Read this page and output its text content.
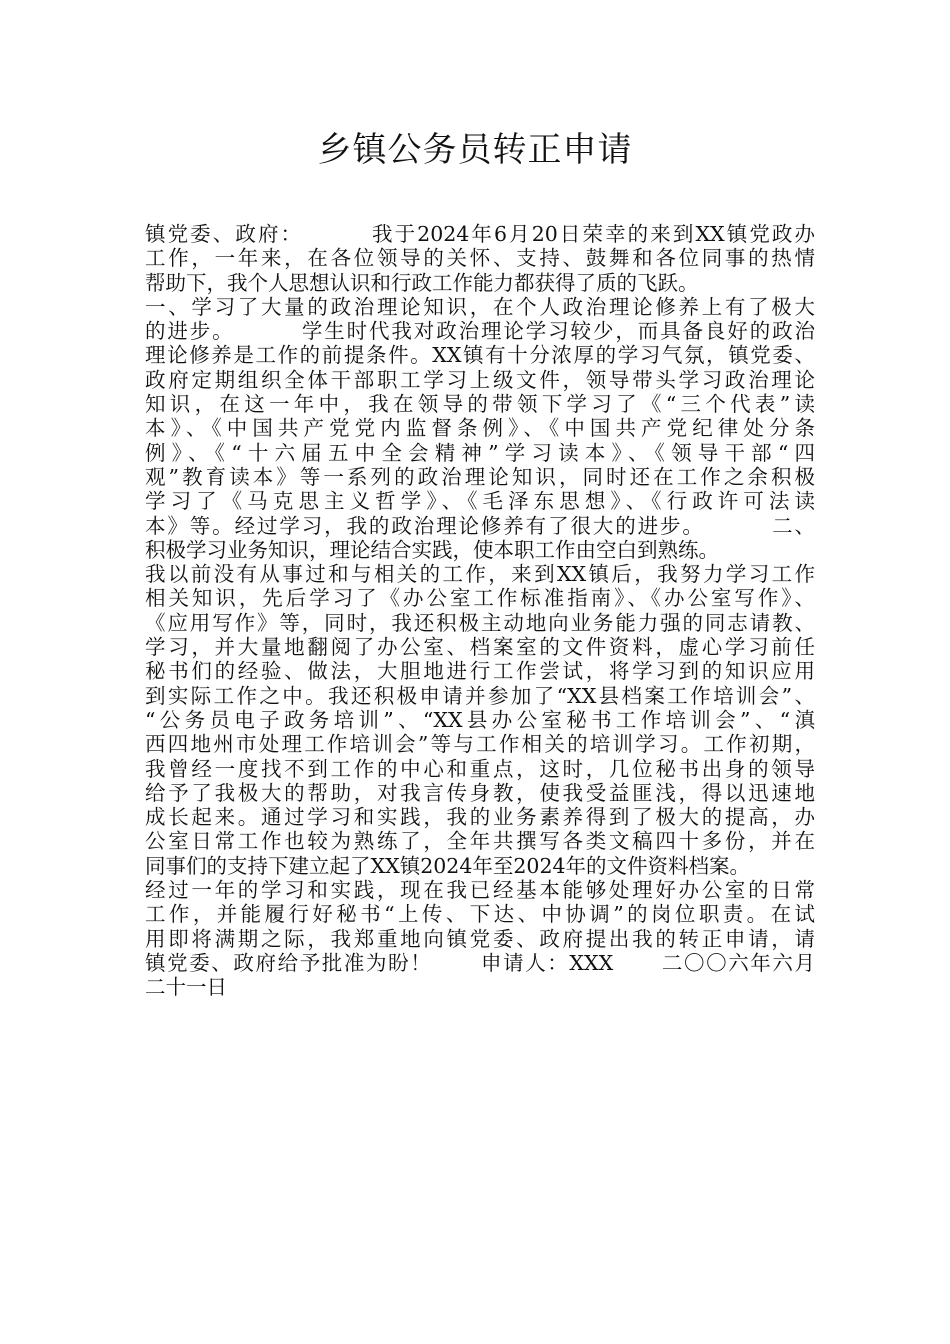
乡镇公务员转正申请
镇党委、政府：        我于2024年6月20日荣幸的来到XX镇党政办
工作，一年来，在各位领导的关怀、支持、鼓舞和各位同事的热情
帮助下，我个人思想认识和行政工作能力都获得了质的飞跃。
一、学习了大量的政治理论知识，在个人政治理论修养上有了极大
的进步。        学生时代我对政治理论学习较少，而具备良好的政治
理论修养是工作的前提条件。XX镇有十分浓厚的学习气氛，镇党委、
政府定期组织全体干部职工学习上级文件，领导带头学习政治理论
知识，在这一年中，我在领导的带领下学习了《“三个代表”读
本》、《中国共产党党内监督条例》、《中国共产党纪律处分条
例》、《“十六届五中全会精神”学习读本》、《领导干部“四
观”教育读本》等一系列的政治理论知识，同时还在工作之余积极
学习了《马克思主义哲学》、《毛泽东思想》、《行政许可法读
本》等。经过学习，我的政治理论修养有了很大的进步。        二、
积极学习业务知识，理论结合实践，使本职工作由空白到熟练。
我以前没有从事过和与相关的工作，来到XX镇后，我努力学习工作
相关知识，先后学习了《办公室工作标准指南》、《办公室写作》、
《应用写作》等，同时，我还积极主动地向业务能力强的同志请教、
学习，并大量地翻阅了办公室、档案室的文件资料，虚心学习前任
秘书们的经验、做法，大胆地进行工作尝试，将学习到的知识应用
到实际工作之中。我还积极申请并参加了“XX县档案工作培训会”、
“公务员电子政务培训”、“XX县办公室秘书工作培训会”、“滇
西四地州市处理工作培训会”等与工作相关的培训学习。工作初期，
我曾经一度找不到工作的中心和重点，这时，几位秘书出身的领导
给予了我极大的帮助，对我言传身教，使我受益匪浅，得以迅速地
成长起来。通过学习和实践，我的业务素养得到了极大的提高，办
公室日常工作也较为熟练了，全年共撰写各类文稿四十多份，并在
同事们的支持下建立起了XX镇2024年至2024年的文件资料档案。
经过一年的学习和实践，现在我已经基本能够处理好办公室的日常
工作，并能履行好秘书“上传、下达、中协调”的岗位职责。在试
用即将满期之际，我郑重地向镇党委、政府提出我的转正申请，请
镇党委、政府给予批准为盼！      申请人：XXX      二〇〇六年六月
二十一日
